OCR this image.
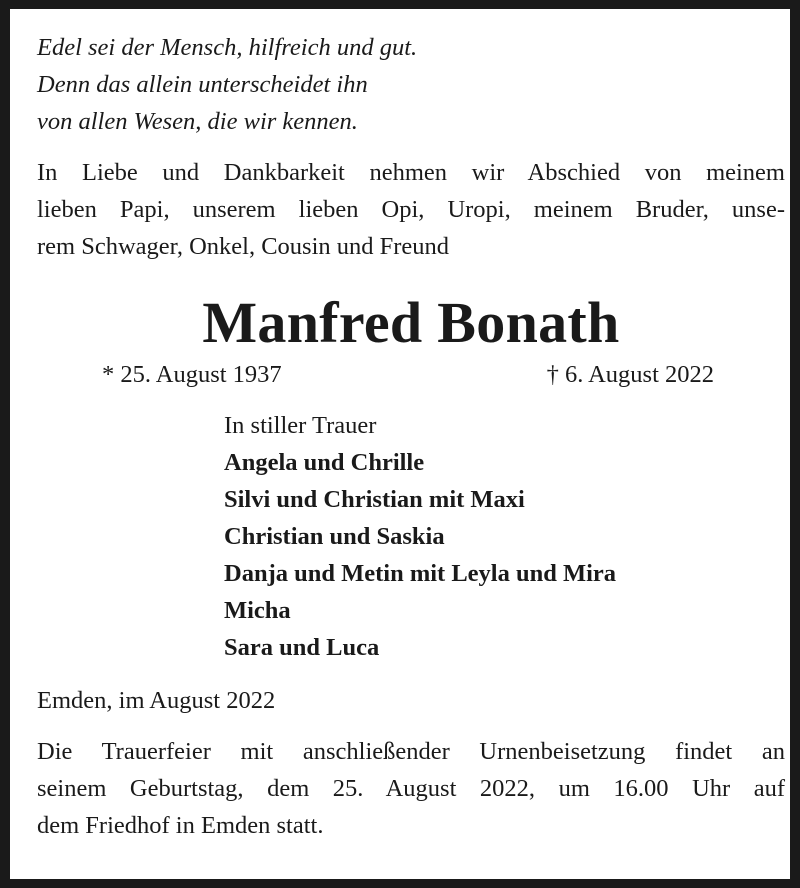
Edel sei der Mensch, hilfreich und gut.
Denn das allein unterscheidet ihn
von allen Wesen, die wir kennen.
In Liebe und Dankbarkeit nehmen wir Abschied von meinem
lieben Papi, unserem lieben Opi, Uropi, meinem Bruder, unse-
rem Schwager, Onkel, Cousin und Freund
Manfred Bonath
* 25. August 1937	† 6. August 2022
In stiller Trauer
Angela und Chrille
Silvi und Christian mit Maxi
Christian und Saskia
Danja und Metin mit Leyla und Mira
Micha
Sara und Luca
Emden, im August 2022
Die Trauerfeier mit anschließender Urnenbeisetzung findet an
seinem Geburtstag, dem 25. August 2022, um 16.00 Uhr auf
dem Friedhof in Emden statt.
